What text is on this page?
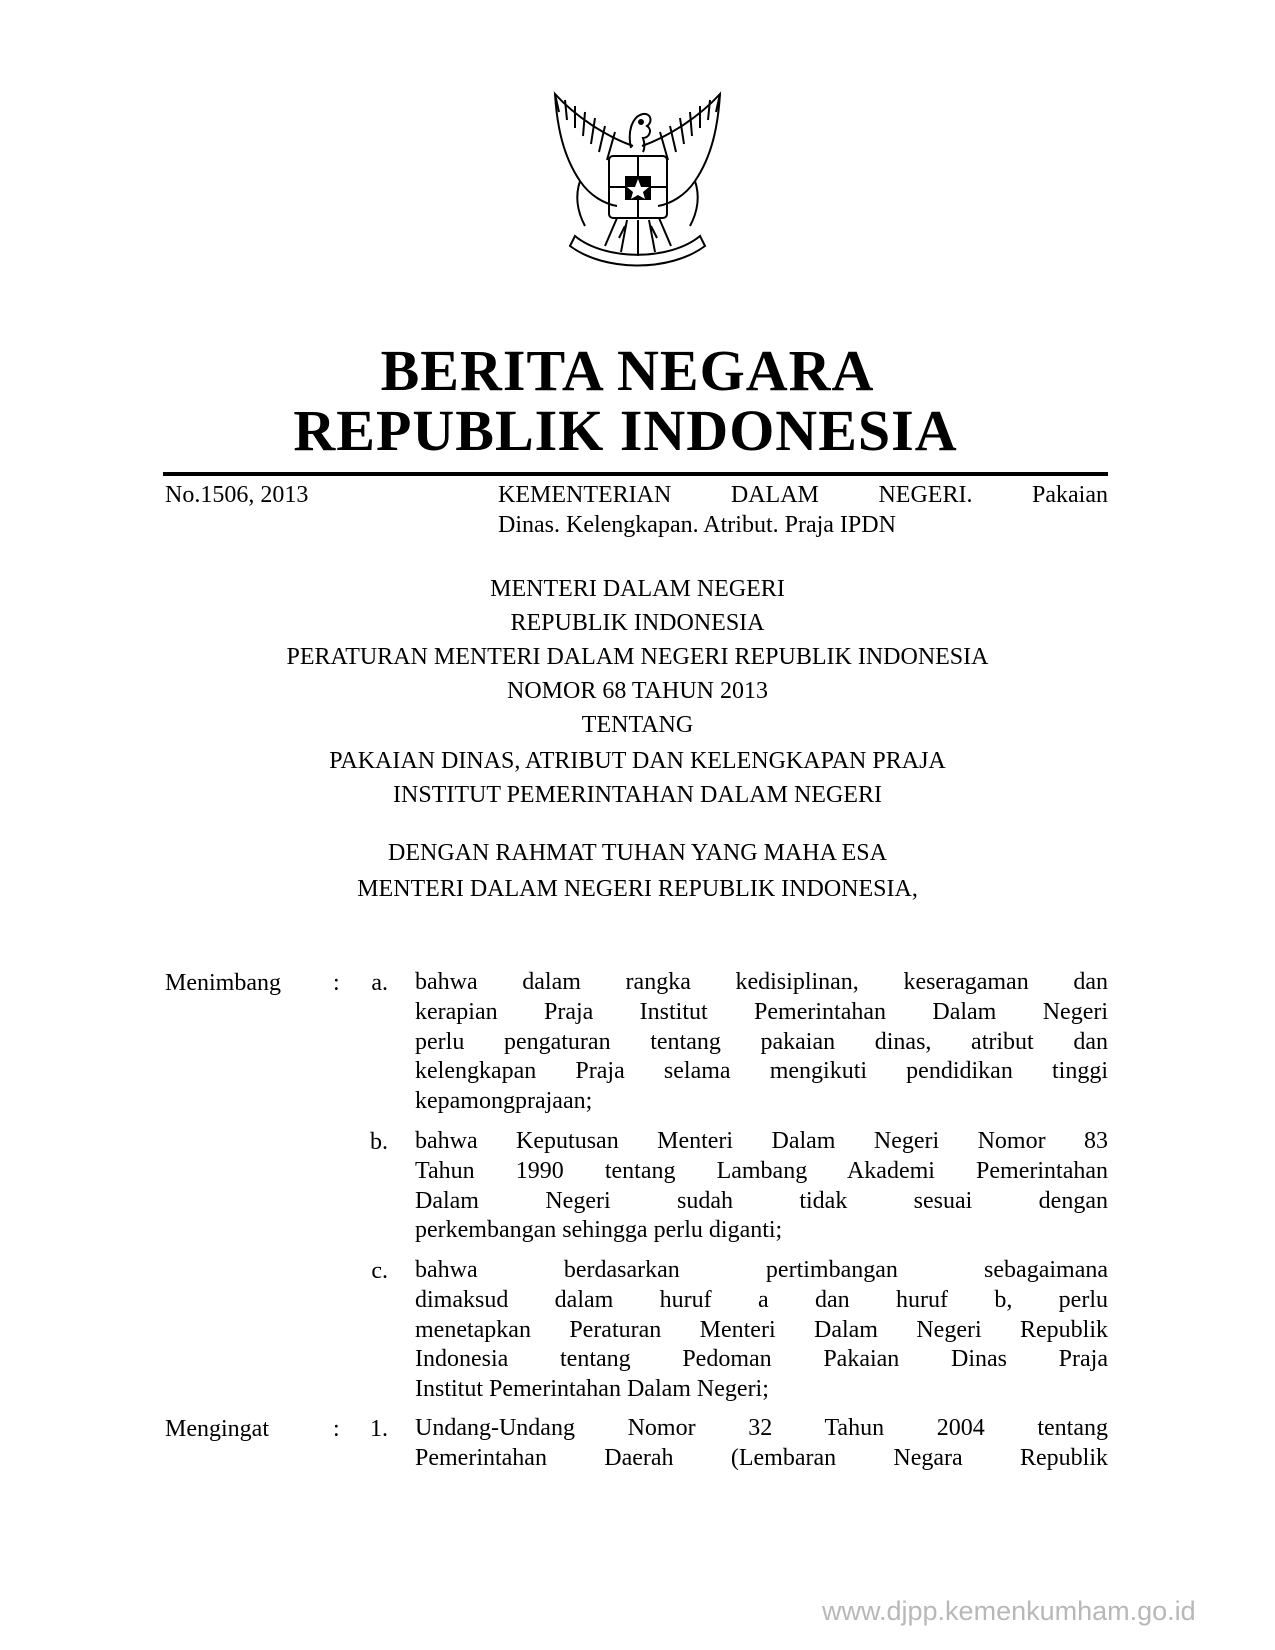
BERITA NEGARA
REPUBLIK INDONESIA
No.1506, 2013	KEMENTERIAN DALAM NEGERI. Pakaian
Dinas. Kelengkapan. Atribut. Praja IPDN
MENTERI DALAM NEGERI
REPUBLIK INDONESIA
PERATURAN MENTERI DALAM NEGERI REPUBLIK INDONESIA
NOMOR 68 TAHUN 2013
TENTANG
PAKAIAN DINAS, ATRIBUT DAN KELENGKAPAN PRAJA
INSTITUT PEMERINTAHAN DALAM NEGERI
DENGAN RAHMAT TUHAN YANG MAHA ESA
MENTERI DALAM NEGERI REPUBLIK INDONESIA,
Menimbang :	a. bahwa dalam rangka kedisiplinan, keseragaman dan
kerapian Praja Institut Pemerintahan Dalam Negeri
perlu pengaturan tentang pakaian dinas, atribut dan
kelengkapan Praja selama mengikuti pendidikan tinggi
kepamongprajaan;
b. bahwa Keputusan Menteri Dalam Negeri Nomor 83
Tahun 1990 tentang Lambang Akademi Pemerintahan
Dalam Negeri sudah tidak sesuai dengan
perkembangan sehingga perlu diganti;
c. bahwa berdasarkan pertimbangan sebagaimana
dimaksud dalam huruf a dan huruf b, perlu
menetapkan Peraturan Menteri Dalam Negeri Republik
Indonesia tentang Pedoman Pakaian Dinas Praja
Institut Pemerintahan Dalam Negeri;
Mengingat	:	1. Undang-Undang Nomor 32 Tahun 2004 tentang
Pemerintahan Daerah (Lembaran Negara Republik
www.djpp.kemenkumham.go.id
